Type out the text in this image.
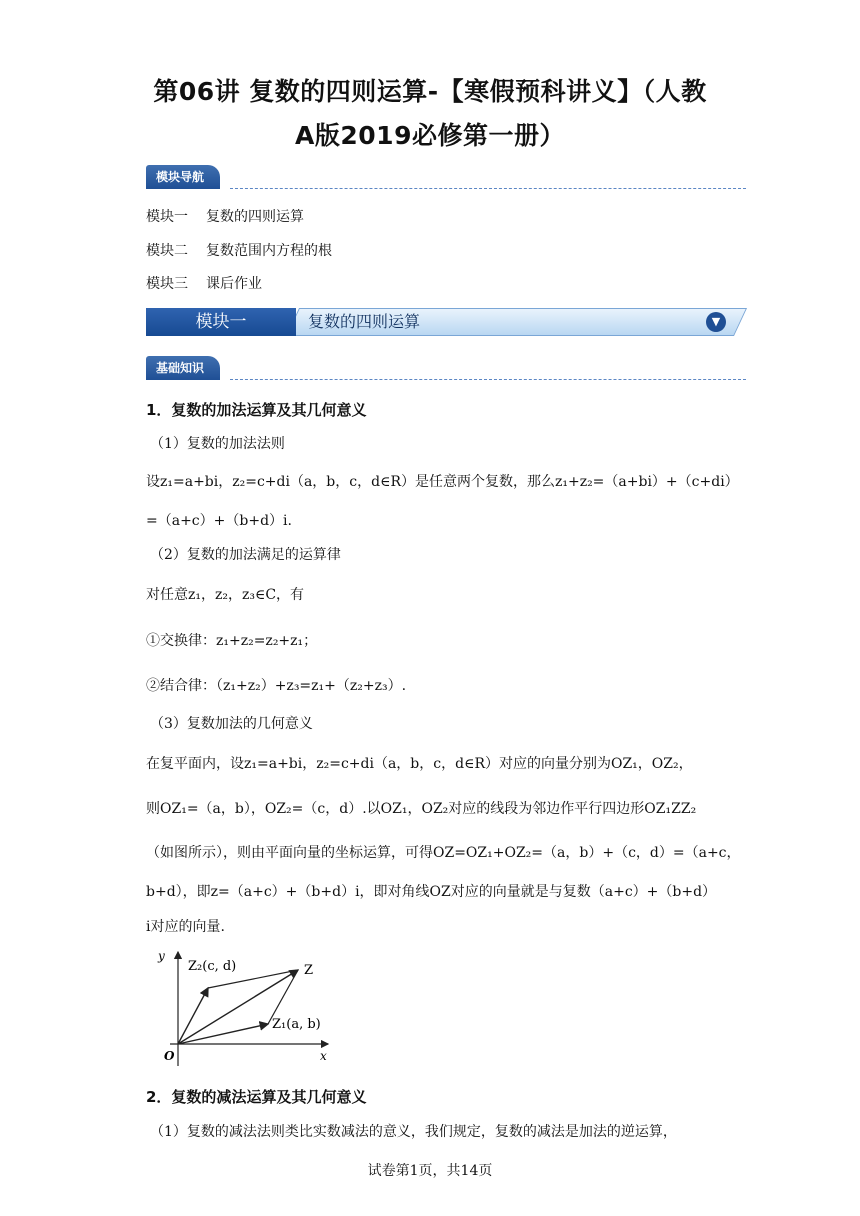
第06讲 复数的四则运算-【寒假预科讲义】（人教
A版2019必修第一册）
模块导航
模块一 复数的四则运算
模块二 复数范围内方程的根
模块三 课后作业
模块一	复数的四则运算	▼
基础知识
1．复数的加法运算及其几何意义
（1）复数的加法法则
设z₁=a+bi，z₂=c+di（a，b，c，d∈R）是任意两个复数，那么z₁+z₂=（a+bi）+（c+di）
=（a+c）+（b+d）i.
（2）复数的加法满足的运算律
对任意z₁，z₂，z₃∈C，有
①交换律：z₁+z₂=z₂+z₁；
②结合律：（z₁+z₂）+z₃=z₁+（z₂+z₃）.
（3）复数加法的几何意义
在复平面内，设z₁=a+bi，z₂=c+di（a，b，c，d∈R）对应的向量分别为OZ₁，OZ₂，
则OZ₁=（a，b），OZ₂=（c，d）.以OZ₁，OZ₂对应的线段为邻边作平行四边形OZ₁ZZ₂
（如图所示），则由平面向量的坐标运算，可得OZ=OZ₁+OZ₂=（a，b）+（c，d）=（a+c，
b+d），即z=（a+c）+（b+d）i，即对角线OZ对应的向量就是与复数（a+c）+（b+d）
i对应的向量.
y
x
O
Z₂(c, d)	Z
Z₁(a, b)
2．复数的减法运算及其几何意义
（1）复数的减法法则类比实数减法的意义，我们规定，复数的减法是加法的逆运算，
试卷第1页，共14页
